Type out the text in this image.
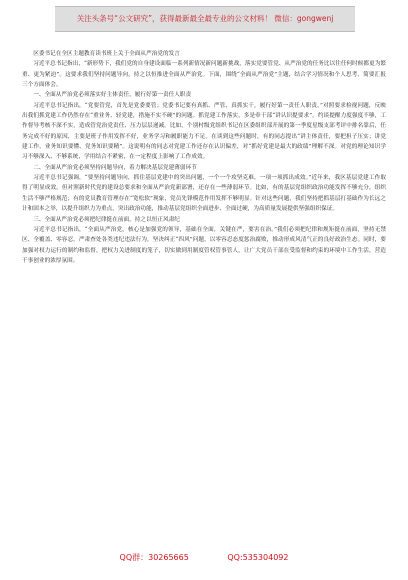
关注头条号“公文研究”，获得最新最全最专业的公文材料！ 微信：gongwenj

区委书记在全区主题教育读书班上关于全面从严治党的发言

习近平总书记指出，“新形势下，我们党的自身建设面临一系列新情况新问题新挑战，落实党要管党、从严治党的任务比以往任何时候都更为繁重、更为紧迫”。这要求我们坚持问题导向，持之以恒推进全面从严治党。下面，围绕“全面从严治党”主题，结合学习情况和个人思考，简要汇报三个方面体会。

一、全面从严治党必须落实好主体责任，履行好第一责任人职责

习近平总书记指出，“党要管党，首先是党委要管；党委书记要有真抓、严管、真抓实干，履行好第一责任人职责。”对照要求检视问题，反映出我们抓党建工作仍然存在“重业务、轻党建，措施不实不硬”的问题。抓党建工作落实，多是牵干部“讲认识提要求”，约谈提醒力度强度不够，工作督导考核不深不实，造成管党治党责任、压力层层递减。比如，个别村级党组织书记在区委组织部开展的第一季度星级支部考评中排名靠后，任务完成不好的原因，主要是班子作用发挥不好，业务学习和履职能力不足。在谈到这些问题时，有的同志提出“讲主体责任，要把担子压实；讲党建工作，业务知识要懂、党务知识要精”。这说明有的同志对党建工作还存在认识偏差，对“抓好党建是最大的政绩”理解不深。对党的理论知识学习不够深入、不够系统，学用结合不紧密，在一定程度上影响了工作成效。

二、全面从严治党必须坚持问题导向，着力解决基层党建薄弱环节

习近平总书记强调，“要坚持问题导向，抓住基层党建中的突出问题，一个一个攻坚克难，一项一项抓出成效。”近年来，我区基层党建工作取得了明显成效，但对照新时代党的建设总要求和全面从严治党新部署，还存在一些薄弱环节。比如，有的基层党组织政治功能发挥不够充分，组织生活不够严格规范；有的党员教育管理存在“宽松软”现象，党员先锋模范作用发挥不够明显。针对这些问题，我们坚持把抓基层打基础作为长远之计和固本之举，以提升组织力为重点，突出政治功能，推动基层党组织全面进步、全面过硬，为高质量发展提供坚强组织保证。

三、全面从严治党必须把纪律挺在前面，持之以恒正风肃纪

习近平总书记指出，“全面从严治党，核心是加强党的领导，基础在全面，关键在严，要害在治。”我们必须把纪律和规矩挺在前面，坚持无禁区、全覆盖、零容忍，严肃查处各类违纪违法行为，坚决纠正“四风”问题，以零容忍态度惩治腐败，推动形成风清气正的良好政治生态。同时，要加强对权力运行的制约和监督，把权力关进制度的笼子，切实做到用制度管权管事管人，让广大党员干部在受监督和约束的环境中工作生活，营造干事创业的浓厚氛围。

QQ群：30265665	QQ:535304092
